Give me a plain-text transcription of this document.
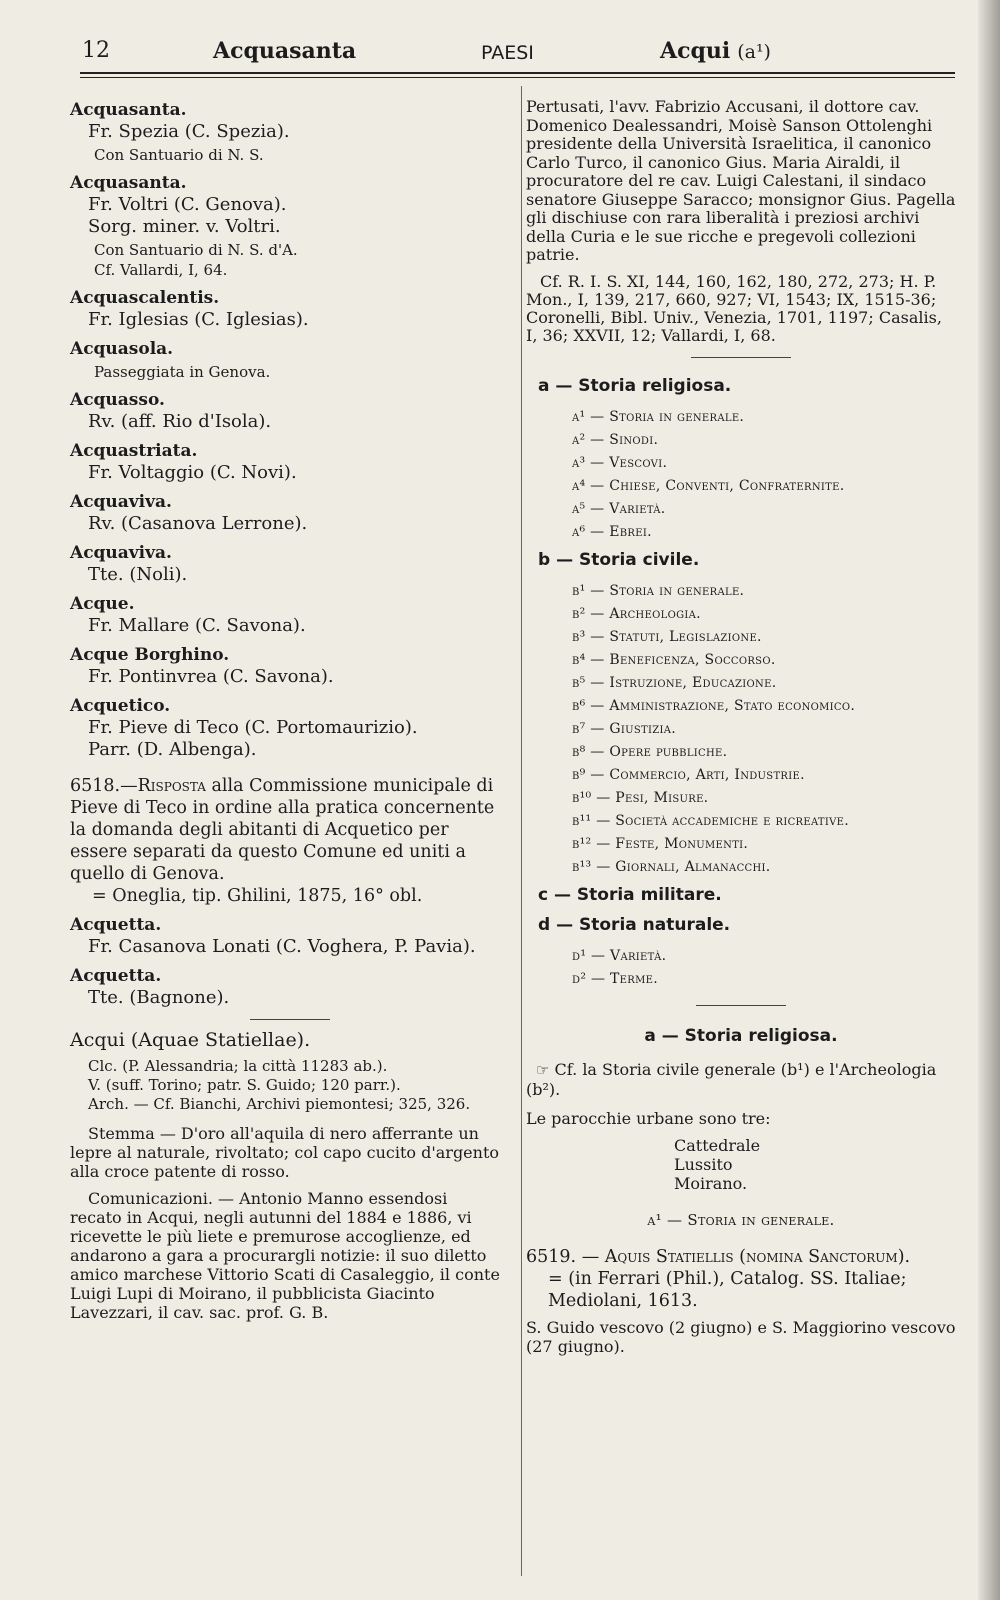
12	Acquasanta	PAESI	Acqui (a¹)
Acquasanta.
Fr. Spezia (C. Spezia).
Con Santuario di N. S.
Acquasanta.
Fr. Voltri (C. Genova).
Sorg. miner. v. Voltri.
Con Santuario di N. S. d'A.
Cf. Vallardi, I, 64.
Acquascalentis.
Fr. Iglesias (C. Iglesias).
Acquasola.
Passeggiata in Genova.
Acquasso.
Rv. (aff. Rio d'Isola).
Acquastriata.
Fr. Voltaggio (C. Novi).
Acquaviva.
Rv. (Casanova Lerrone).
Acquaviva.
Tte. (Noli).
Acque.
Fr. Mallare (C. Savona).
Acque Borghino.
Fr. Pontinvrea (C. Savona).
Acquetico.
Fr. Pieve di Teco (C. Portomaurizio).
Parr. (D. Albenga).
6518.—Risposta alla Commissione municipale di Pieve di Teco in ordine alla pratica concernente la domanda degli abitanti di Acquetico per essere separati da questo Comune ed uniti a quello di Genova.
= Oneglia, tip. Ghilini, 1875, 16° obl.
Acquetta.
Fr. Casanova Lonati (C. Voghera, P. Pavia).
Acquetta.
Tte. (Bagnone).
Acqui (Aquae Statiellae).
Clc. (P. Alessandria; la città 11283 ab.).
V. (suff. Torino; patr. S. Guido; 120 parr.).
Arch. — Cf. Bianchi, Archivi piemontesi; 325, 326.
Stemma — D'oro all'aquila di nero afferrante un lepre al naturale, rivoltato; col capo cucito d'argento alla croce patente di rosso.
Comunicazioni. — Antonio Manno essendosi recato in Acqui, negli autunni del 1884 e 1886, vi ricevette le più liete e premurose accoglienze, ed andarono a gara a procurargli notizie: il suo diletto amico marchese Vittorio Scati di Casaleggio, il conte Luigi Lupi di Moirano, il pubblicista Giacinto Lavezzari, il cav. sac. prof. G. B.
Pertusati, l'avv. Fabrizio Accusani, il dottore cav. Domenico Dealessandri, Moisè Sanson Ottolenghi presidente della Università Israelitica, il canonico Carlo Turco, il canonico Gius. Maria Airaldi, il procuratore del re cav. Luigi Calestani, il sindaco senatore Giuseppe Saracco; monsignor Gius. Pagella gli dischiuse con rara liberalità i preziosi archivi della Curia e le sue ricche e pregevoli collezioni patrie.
Cf. R. I. S. XI, 144, 160, 162, 180, 272, 273; H. P. Mon., I, 139, 217, 660, 927; VI, 1543; IX, 1515-36; Coronelli, Bibl. Univ., Venezia, 1701, 1197; Casalis, I, 36; XXVII, 12; Vallardi, I, 68.
a — Storia religiosa.
a¹ — Storia in generale.
a² — Sinodi.
a³ — Vescovi.
a⁴ — Chiese, Conventi, Confraternite.
a⁵ — Varietà.
a⁶ — Ebrei.
b — Storia civile.
b¹ — Storia in generale.
b² — Archeologia.
b³ — Statuti, Legislazione.
b⁴ — Beneficenza, Soccorso.
b⁵ — Istruzione, Educazione.
b⁶ — Amministrazione, Stato economico.
b⁷ — Giustizia.
b⁸ — Opere pubbliche.
b⁹ — Commercio, Arti, Industrie.
b¹⁰ — Pesi, Misure.
b¹¹ — Società accademiche e ricreative.
b¹² — Feste, Monumenti.
b¹³ — Giornali, Almanacchi.
c — Storia militare.
d — Storia naturale.
d¹ — Varietà.
d² — Terme.
a — Storia religiosa.
☞ Cf. la Storia civile generale (b¹) e l'Archeologia (b²).
Le parocchie urbane sono tre:
Cattedrale
Lussito
Moirano.
a¹ — Storia in generale.
6519. — Aquis Statiellis (nomina Sanctorum).
= (in Ferrari (Phil.), Catalog. SS. Italiae; Mediolani, 1613.
S. Guido vescovo (2 giugno) e S. Maggiorino vescovo (27 giugno).
